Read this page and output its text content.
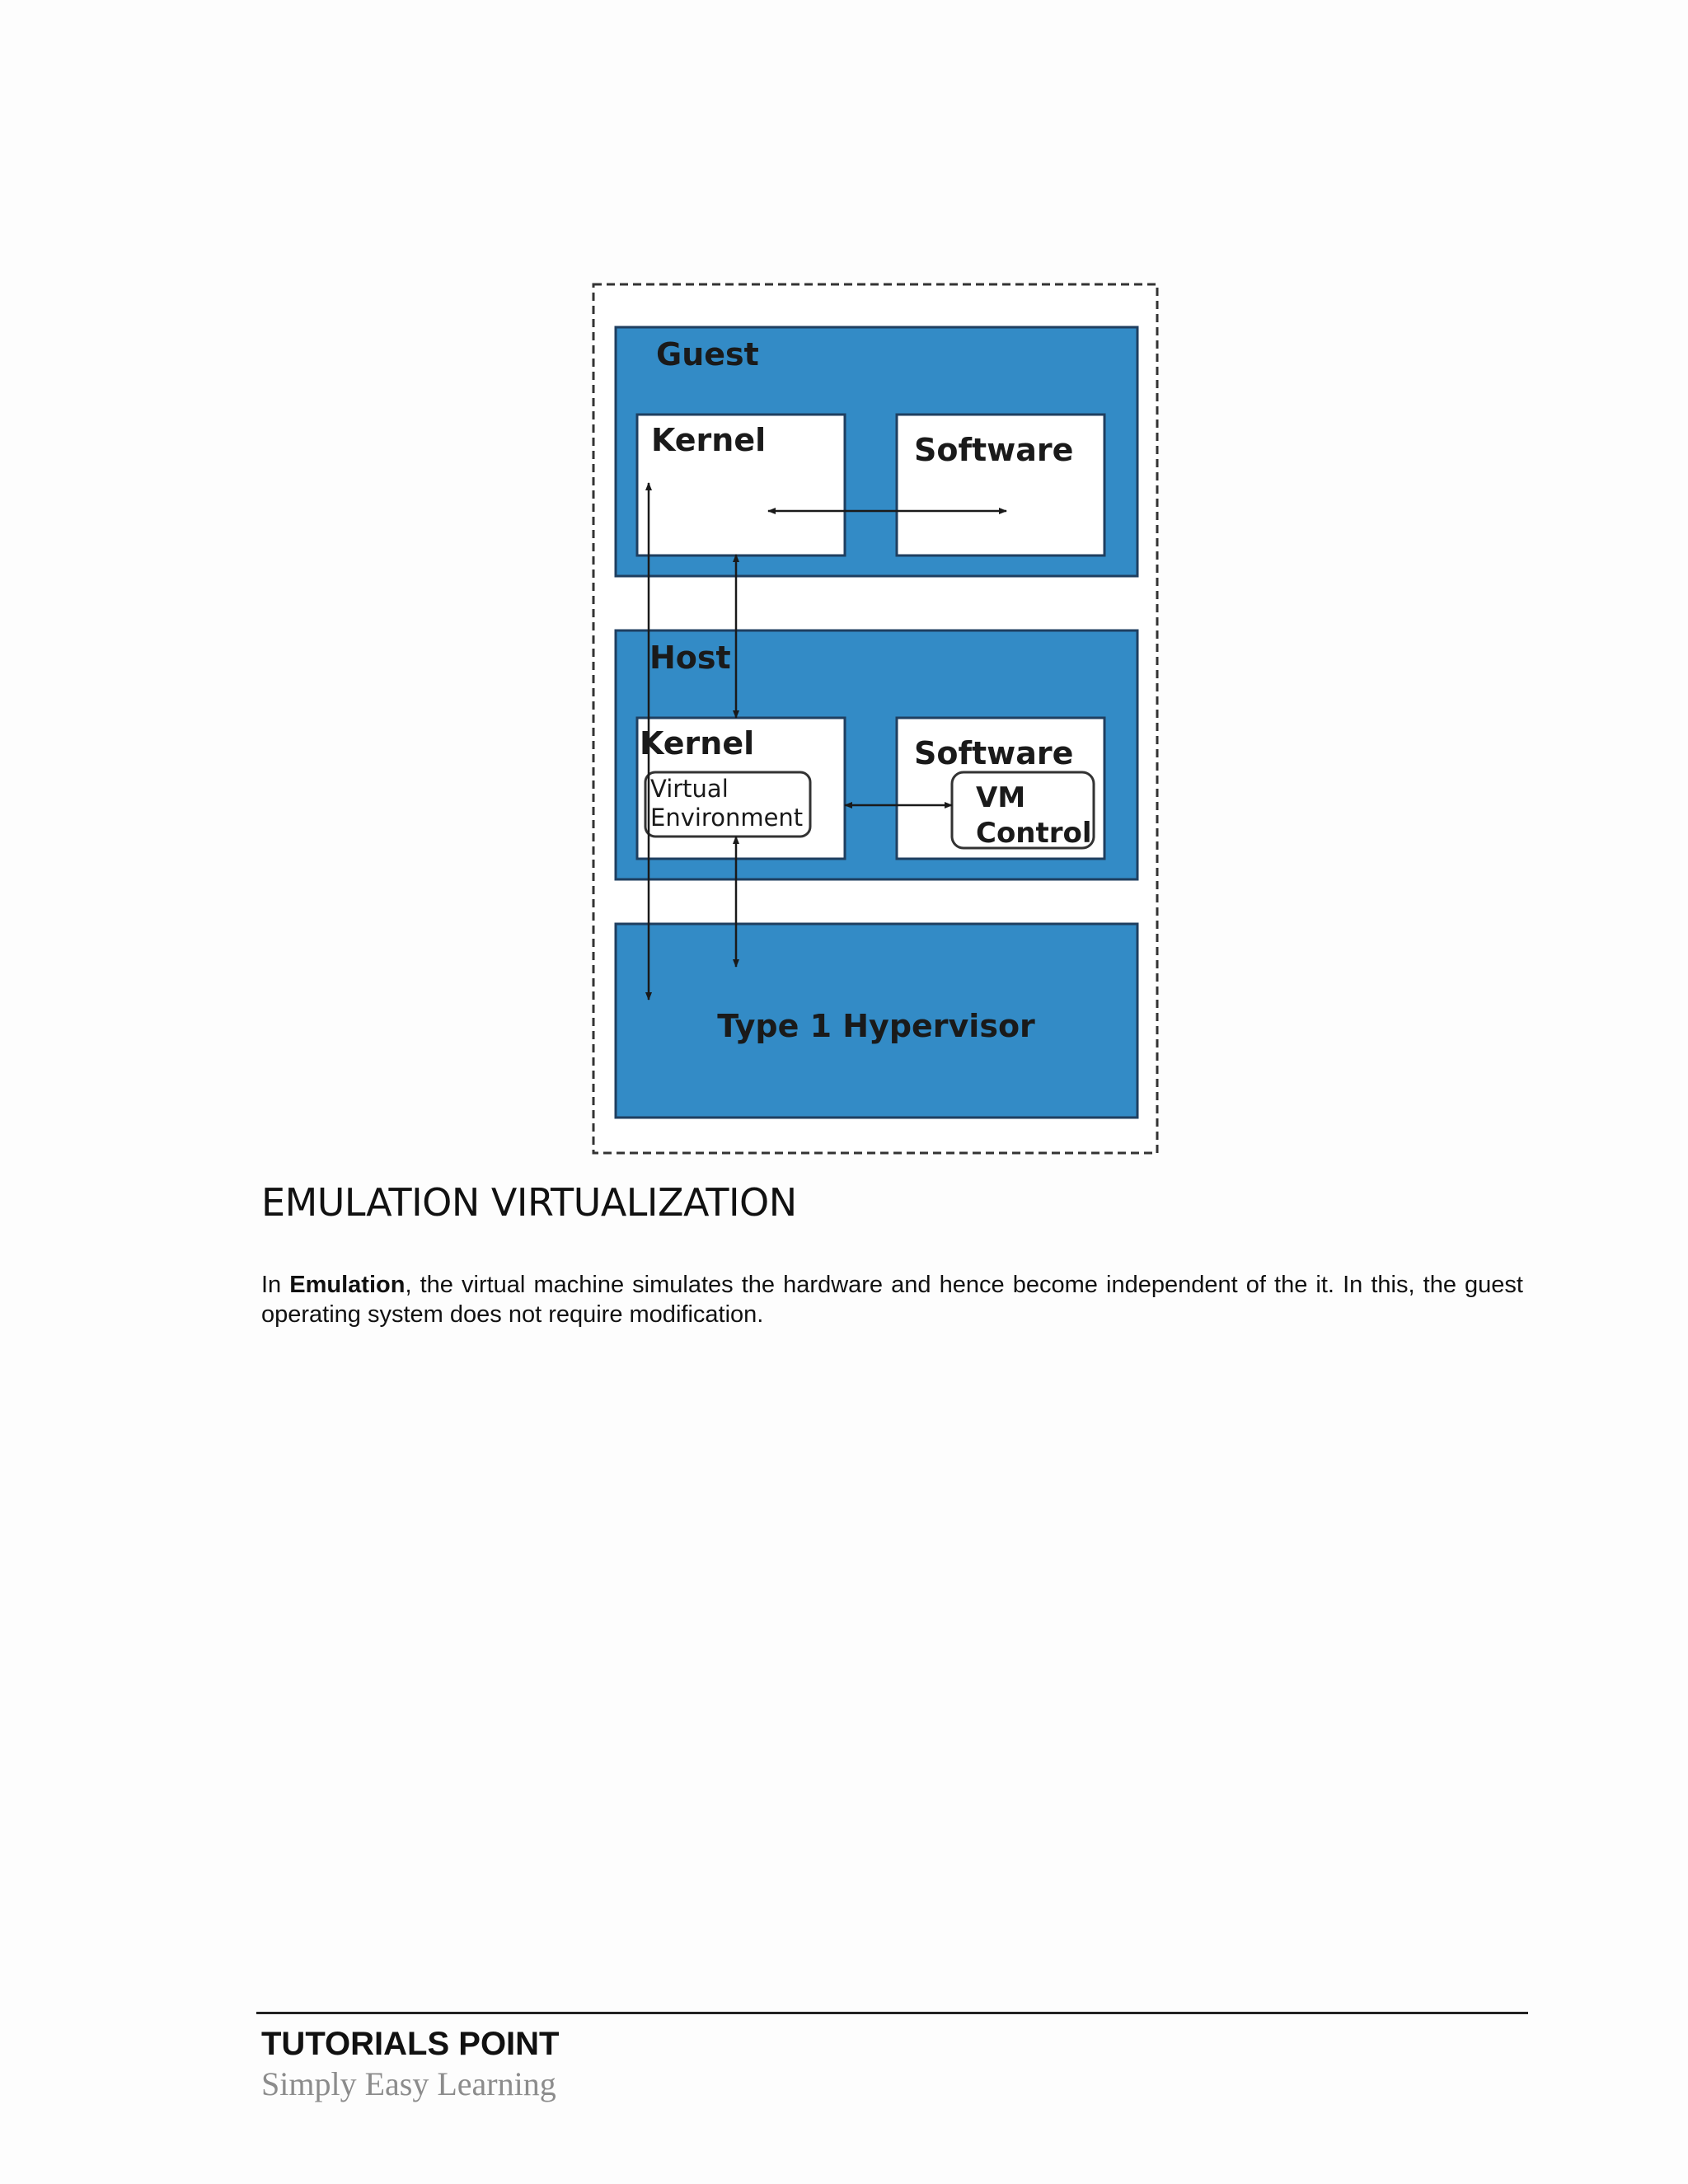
Guest
Kernel	Software
Host
Kernel
Virtual
Environment
Software
VM
Control
Type 1 Hypervisor
EMULATION VIRTUALIZATION

In Emulation, the virtual machine simulates the hardware and hence become independent of the it. In this, the guest operating system does not require modification.

TUTORIALS POINT

Simply Easy Learning
